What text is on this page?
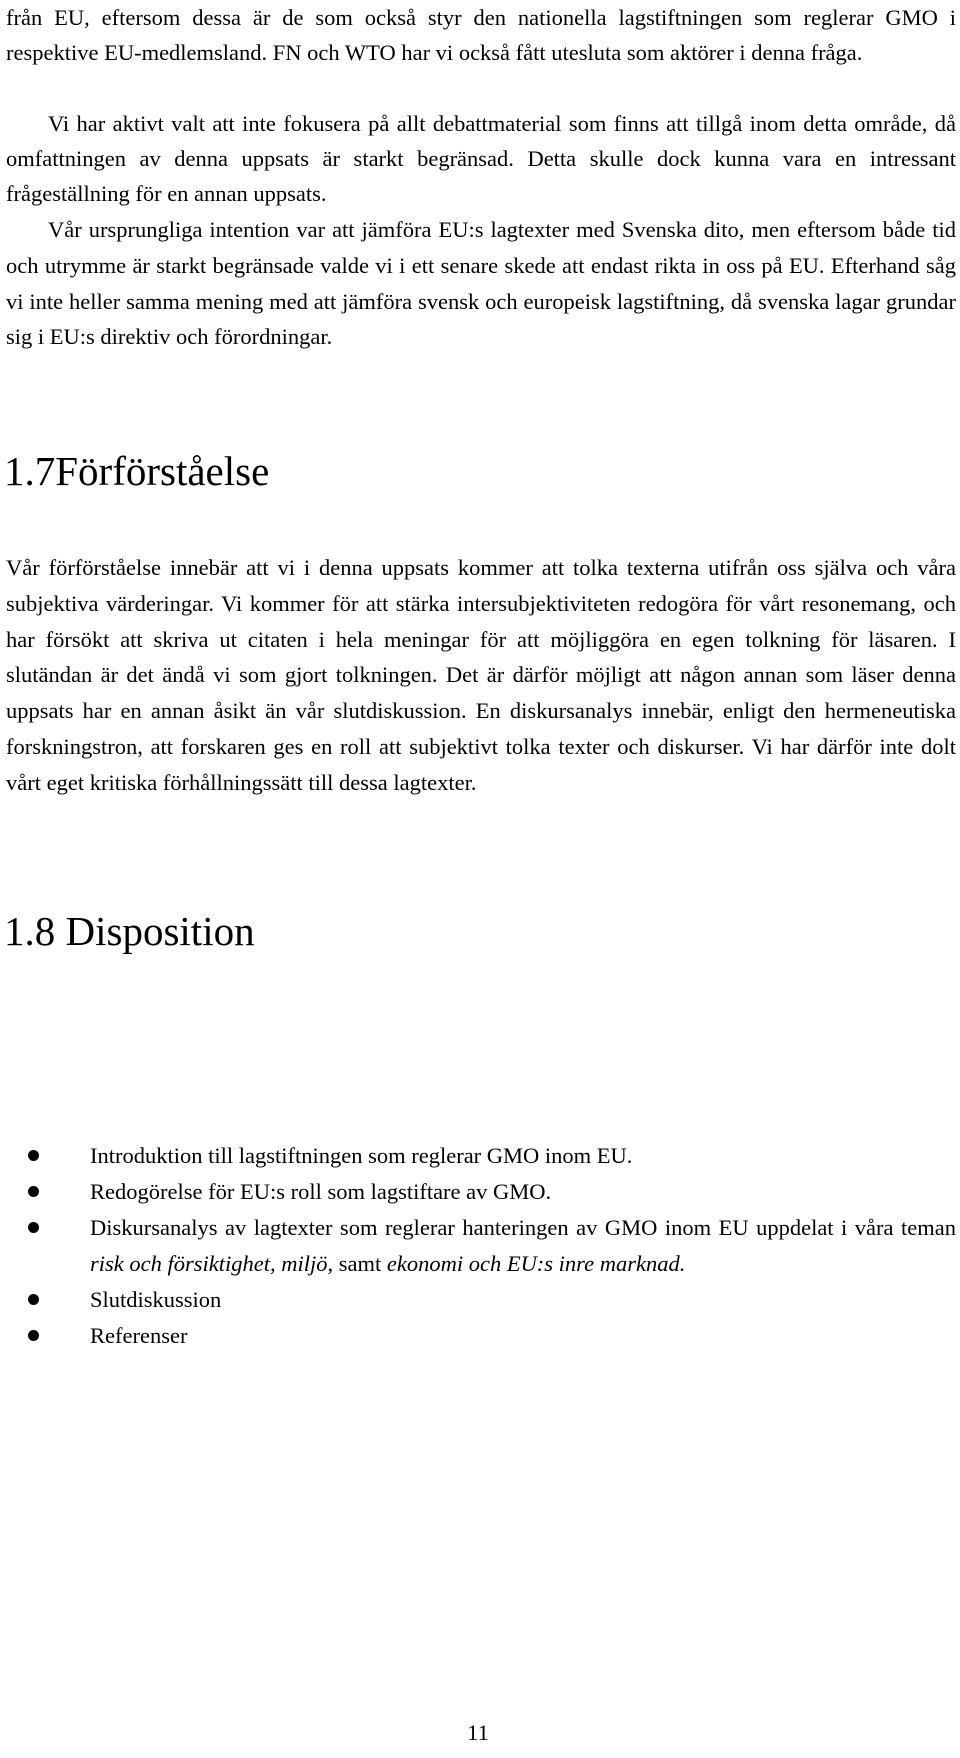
från EU, eftersom dessa är de som också styr den nationella lagstiftningen som reglerar GMO i respektive EU-medlemsland. FN och WTO har vi också fått utesluta som aktörer i denna fråga.

Vi har aktivt valt att inte fokusera på allt debattmaterial som finns att tillgå inom detta område, då omfattningen av denna uppsats är starkt begränsad. Detta skulle dock kunna vara en intressant frågeställning för en annan uppsats.

Vår ursprungliga intention var att jämföra EU:s lagtexter med Svenska dito, men eftersom både tid och utrymme är starkt begränsade valde vi i ett senare skede att endast rikta in oss på EU. Efterhand såg vi inte heller samma mening med att jämföra svensk och europeisk lagstiftning, då svenska lagar grundar sig i EU:s direktiv och förordningar.

1.7Förförståelse

Vår förförståelse innebär att vi i denna uppsats kommer att tolka texterna utifrån oss själva och våra subjektiva värderingar. Vi kommer för att stärka intersubjektiviteten redogöra för vårt resonemang, och har försökt att skriva ut citaten i hela meningar för att möjliggöra en egen tolkning för läsaren. I slutändan är det ändå vi som gjort tolkningen. Det är därför möjligt att någon annan som läser denna uppsats har en annan åsikt än vår slutdiskussion. En diskursanalys innebär, enligt den hermeneutiska forskningstron, att forskaren ges en roll att subjektivt tolka texter och diskurser. Vi har därför inte dolt vårt eget kritiska förhållningssätt till dessa lagtexter.

1.8 Disposition
Introduktion till lagstiftningen som reglerar GMO inom EU.
Redogörelse för EU:s roll som lagstiftare av GMO.
Diskursanalys av lagtexter som reglerar hanteringen av GMO inom EU uppdelat i våra teman risk och försiktighet, miljö, samt ekonomi och EU:s inre marknad.
Slutdiskussion
Referenser
11
